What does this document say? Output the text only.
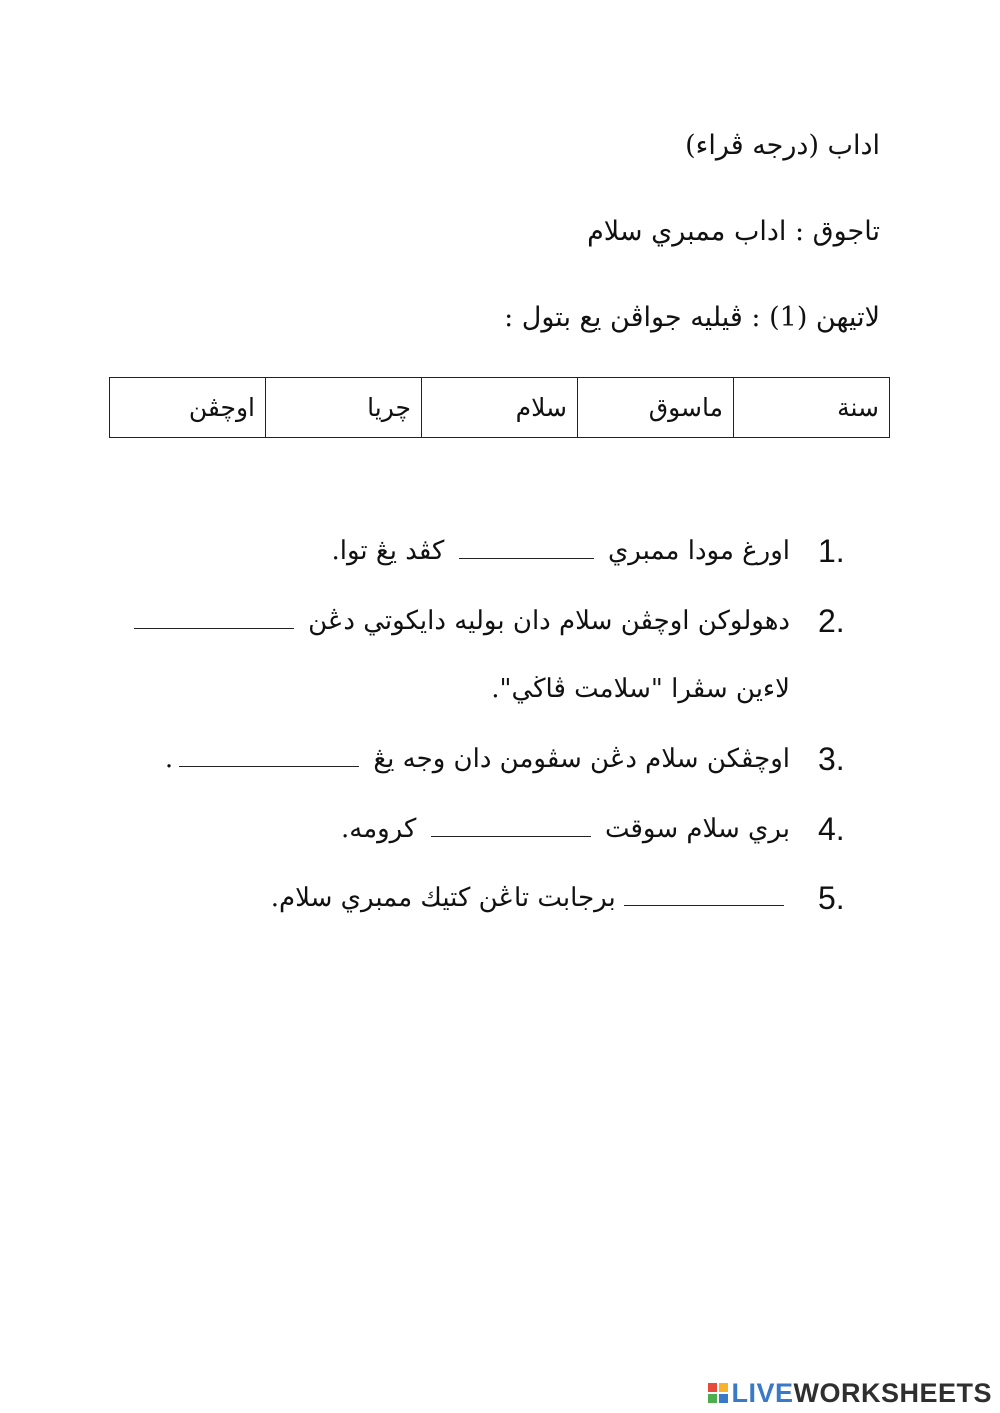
اداب (درجه ڤراء)
تاجوق : اداب ممبري سلام
لاتيهن (1) : ڤيليه جواڤن يع بتول :
سنة	ماسوق	سلام	چريا	اوچڤن
1.
اورغ مودا ممبري  كڤد يڠ توا.
2.
دهولوكن اوچڤن سلام دان بوليه دايكوتي دڠن
لاءين سڤرا "سلامت ڤاڬي".
3.
اوچڤكن سلام دڠن سڤومن دان وجه يڠ .
4.
بري سلام سوقت  كرومه.
5.
برجابت تاڠن كتيك ممبري سلام.
LIVEWORKSHEETS
